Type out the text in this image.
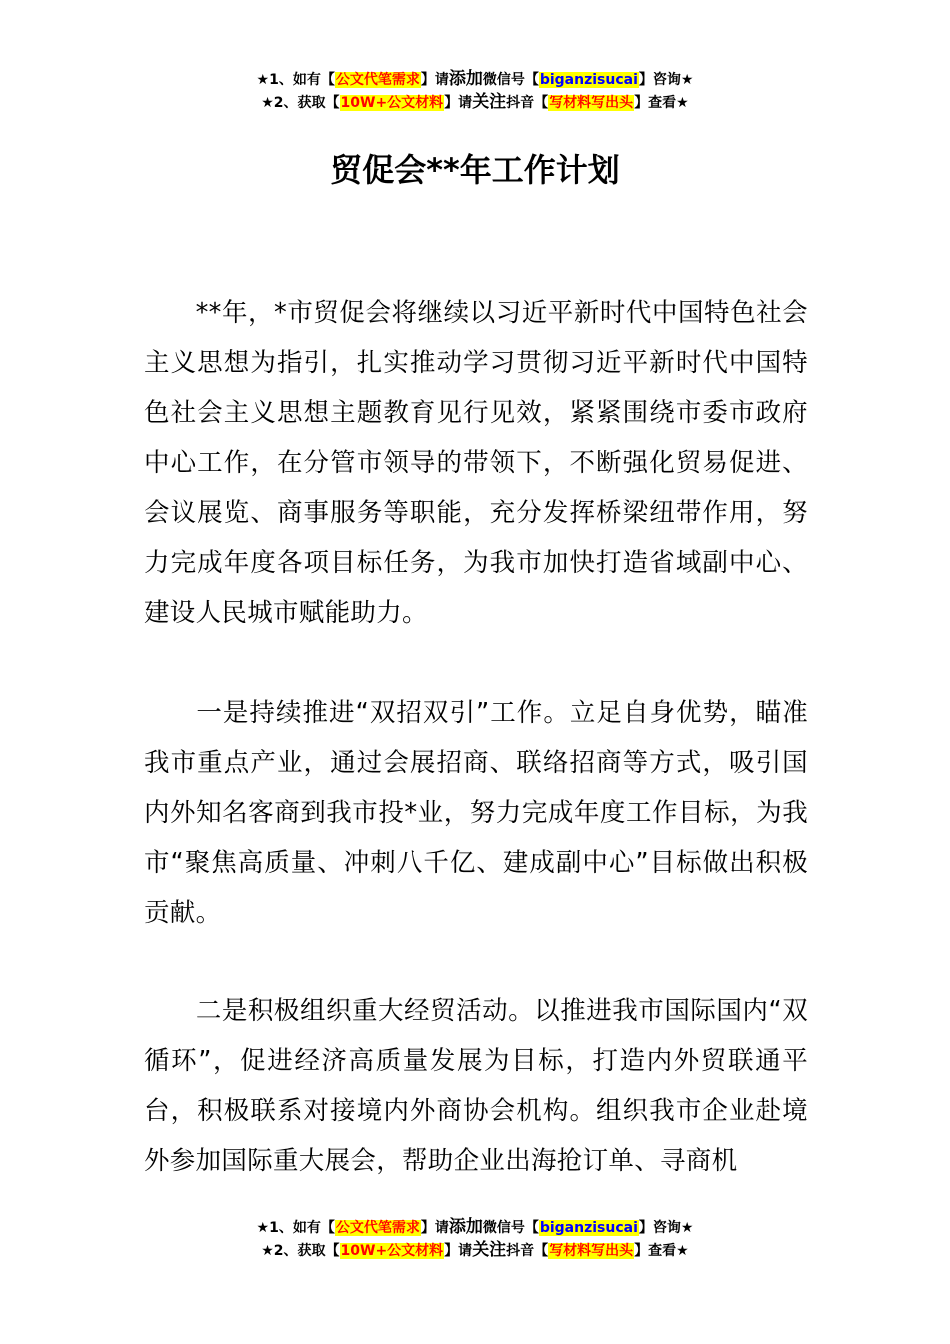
★1、如有【公文代笔需求】请添加微信号【biganzisucai】咨询★
★2、获取【10W+公文材料】请关注抖音【写材料写出头】查看★
贸促会**年工作计划

  **年，*市贸促会将继续以习近平新时代中国特色社会主义思想为指引，扎实推动学习贯彻习近平新时代中国特色社会主义思想主题教育见行见效，紧紧围绕市委市政府中心工作，在分管市领导的带领下，不断强化贸易促进、会议展览、商事服务等职能，充分发挥桥梁纽带作用，努力完成年度各项目标任务，为我市加快打造省域副中心、建设人民城市赋能助力。

  一是持续推进“双招双引”工作。立足自身优势，瞄准我市重点产业，通过会展招商、联络招商等方式，吸引国内外知名客商到我市投*业，努力完成年度工作目标，为我市“聚焦高质量、冲刺八千亿、建成副中心”目标做出积极贡献。

  二是积极组织重大经贸活动。以推进我市国际国内“双循环”，促进经济高质量发展为目标，打造内外贸联通平台，积极联系对接境内外商协会机构。组织我市企业赴境外参加国际重大展会，帮助企业出海抢订单、寻商机

★1、如有【公文代笔需求】请添加微信号【biganzisucai】咨询★
★2、获取【10W+公文材料】请关注抖音【写材料写出头】查看★
